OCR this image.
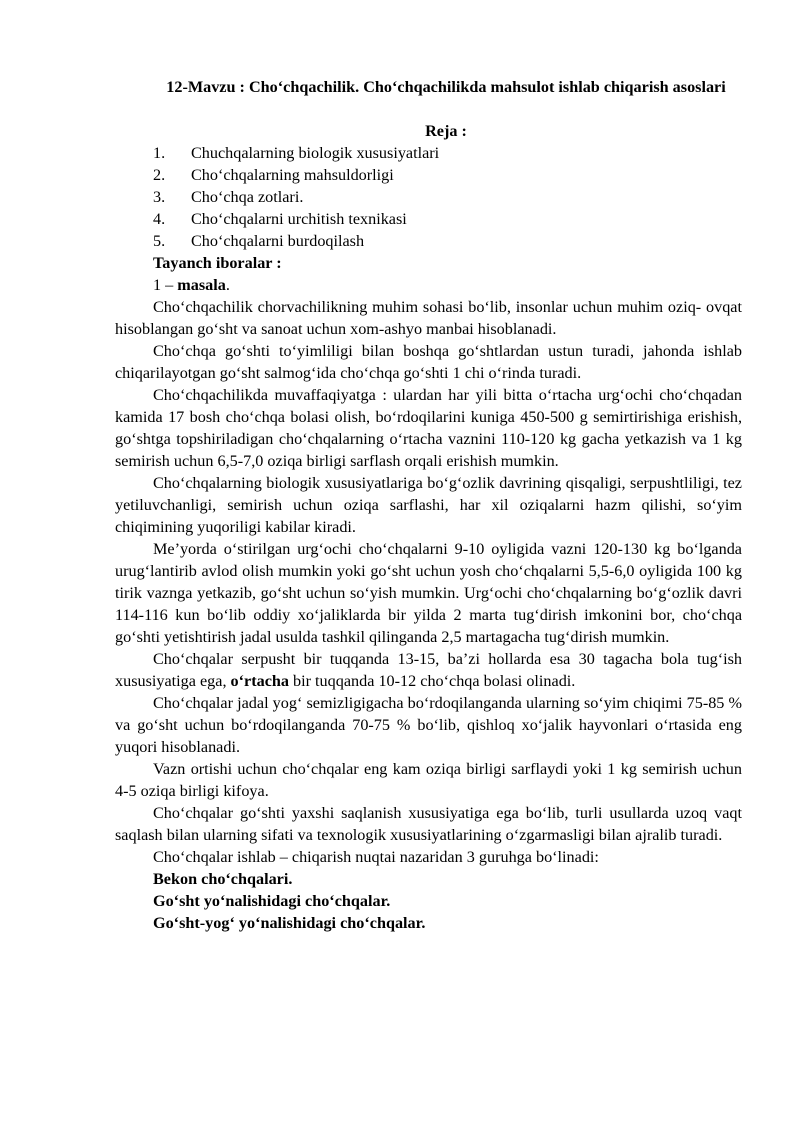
12-Mavzu : Cho‘chqachilik. Cho‘chqachilikda mahsulot ishlab chiqarish asoslari
Reja :
1. Chuchqalarning biologik xususiyatlari
2. Cho‘chqalarning mahsuldorligi
3. Cho‘chqa zotlari.
4. Cho‘chqalarni urchitish texnikasi
5. Cho‘chqalarni burdoqilash
Tayanch iboralar :
1 – masala.

Cho‘chqachilik chorvachilikning muhim sohasi bo‘lib, insonlar uchun muhim oziq- ovqat hisoblangan go‘sht va sanoat uchun xom-ashyo manbai hisoblanadi.

Cho‘chqa go‘shti to‘yimliligi bilan boshqa go‘shtlardan ustun turadi, jahonda ishlab chiqarilayotgan go‘sht salmog‘ida cho‘chqa go‘shti 1 chi o‘rinda turadi.

Cho‘chqachilikda muvaffaqiyatga : ulardan har yili bitta o‘rtacha urg‘ochi cho‘chqadan kamida 17 bosh cho‘chqa bolasi olish, bo‘rdoqilarini kuniga 450-500 g semirtirishiga erishish, go‘shtga topshiriladigan cho‘chqalarning o‘rtacha vaznini 110-120 kg gacha yetkazish va 1 kg semirish uchun 6,5-7,0 oziqa birligi sarflash orqali erishish mumkin.

Cho‘chqalarning biologik xususiyatlariga bo‘g‘ozlik davrining qisqaligi, serpushtliligi, tez yetiluvchanligi, semirish uchun oziqa sarflashi, har xil oziqalarni hazm qilishi, so‘yim chiqimining yuqoriligi kabilar kiradi.

Me’yorda o‘stirilgan urg‘ochi cho‘chqalarni 9-10 oyligida vazni 120-130 kg bo‘lganda urug‘lantirib avlod olish mumkin yoki go‘sht uchun yosh cho‘chqalarni 5,5-6,0 oyligida 100 kg tirik vaznga yetkazib, go‘sht uchun so‘yish mumkin. Urg‘ochi cho‘chqalarning bo‘g‘ozlik davri 114-116 kun bo‘lib oddiy xo‘jaliklarda bir yilda 2 marta tug‘dirish imkonini bor, cho‘chqa go‘shti yetishtirish jadal usulda tashkil qilinganda 2,5 martagacha tug‘dirish mumkin.

Cho‘chqalar serpusht bir tuqqanda 13-15, ba’zi hollarda esa 30 tagacha bola tug‘ish xususiyatiga ega, o‘rtacha bir tuqqanda 10-12 cho‘chqa bolasi olinadi.

Cho‘chqalar jadal yog‘ semizligigacha bo‘rdoqilanganda ularning so‘yim chiqimi 75-85 % va go‘sht uchun bo‘rdoqilanganda 70-75 % bo‘lib, qishloq xo‘jalik hayvonlari o‘rtasida eng yuqori hisoblanadi.

Vazn ortishi uchun cho‘chqalar eng kam oziqa birligi sarflaydi yoki 1 kg semirish uchun 4-5 oziqa birligi kifoya.

Cho‘chqalar go‘shti yaxshi saqlanish xususiyatiga ega bo‘lib, turli usullarda uzoq vaqt saqlash bilan ularning sifati va texnologik xususiyatlarining o‘zgarmasligi bilan ajralib turadi.

Cho‘chqalar ishlab – chiqarish nuqtai nazaridan 3 guruhga bo‘linadi:
Bekon cho‘chqalari.
Go‘sht yo‘nalishidagi cho‘chqalar.
Go‘sht-yog‘ yo‘nalishidagi cho‘chqalar.
